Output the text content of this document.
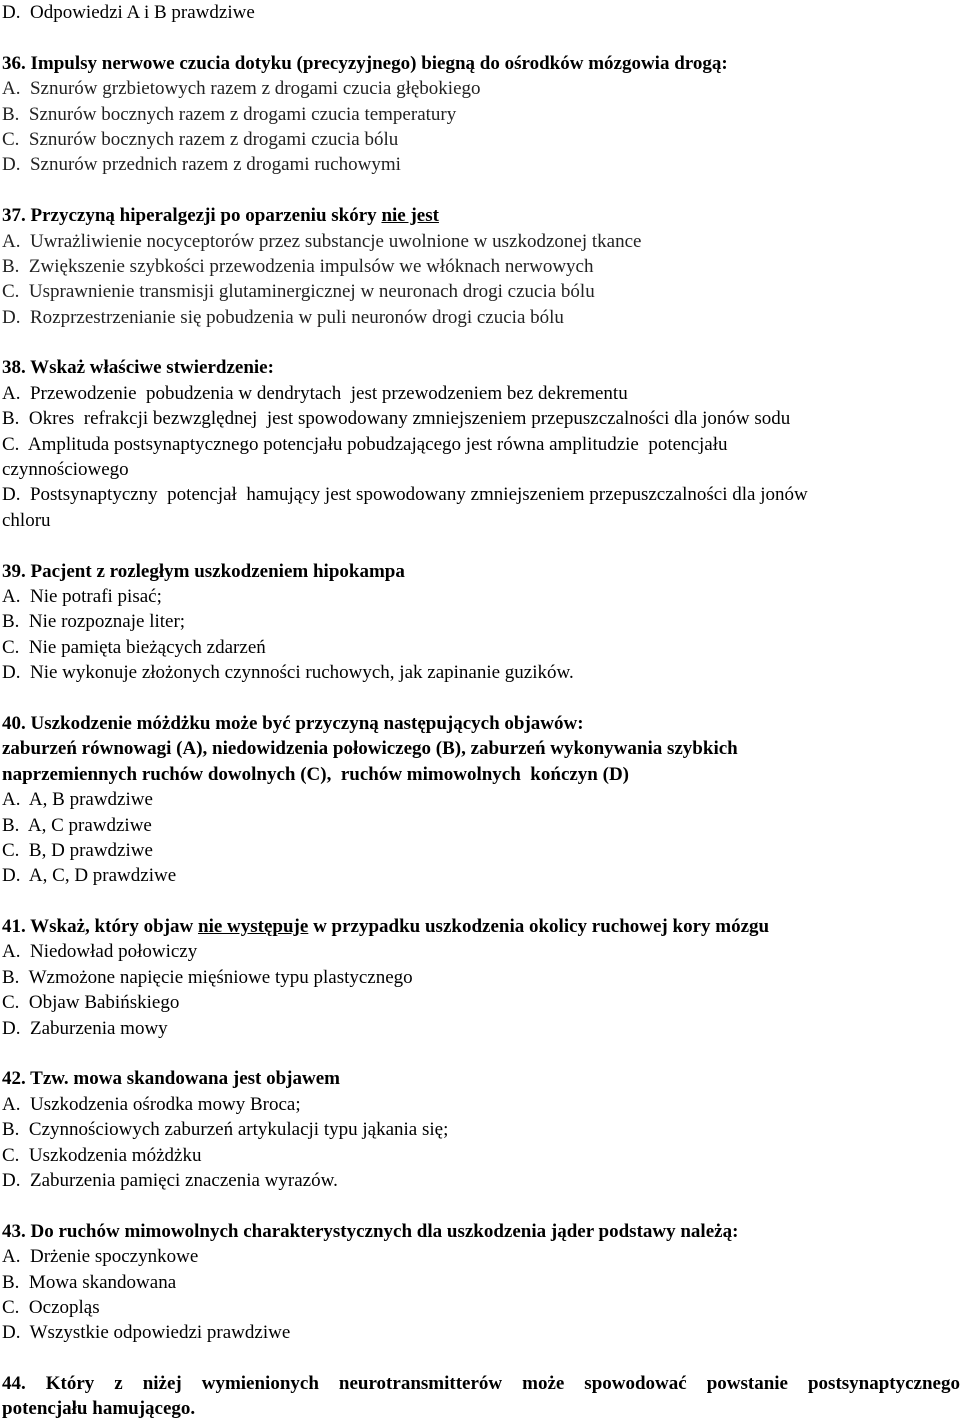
D.  Odpowiedzi A i B prawdziwe
36. Impulsy nerwowe czucia dotyku (precyzyjnego) biegną do ośrodków mózgowia drogą:
A.  Sznurów grzbietowych razem z drogami czucia głębokiego
B.  Sznurów bocznych razem z drogami czucia temperatury
C.  Sznurów bocznych razem z drogami czucia bólu
D.  Sznurów przednich razem z drogami ruchowymi
37. Przyczyną hiperalgezji po oparzeniu skóry nie jest
A.  Uwrażliwienie nocyceptorów przez substancje uwolnione w uszkodzonej tkance
B.  Zwiększenie szybkości przewodzenia impulsów we włóknach nerwowych
C.  Usprawnienie transmisji glutaminergicznej w neuronach drogi czucia bólu
D.  Rozprzestrzenianie się pobudzenia w puli neuronów drogi czucia bólu
38. Wskaż właściwe stwierdzenie:
A.  Przewodzenie  pobudzenia w dendrytach  jest przewodzeniem bez dekrementu
B.  Okres  refrakcji bezwzględnej  jest spowodowany zmniejszeniem przepuszczalności dla jonów sodu
C.  Amplituda postsynaptycznego potencjału pobudzającego jest równa amplitudzie  potencjału
czynnościowego
D.  Postsynaptyczny  potencjał  hamujący jest spowodowany zmniejszeniem przepuszczalności dla jonów
chloru
39. Pacjent z rozległym uszkodzeniem hipokampa
A.  Nie potrafi pisać;
B.  Nie rozpoznaje liter;
C.  Nie pamięta bieżących zdarzeń
D.  Nie wykonuje złożonych czynności ruchowych, jak zapinanie guzików.
40. Uszkodzenie móżdżku może być przyczyną następujących objawów:
zaburzeń równowagi (A), niedowidzenia połowiczego (B), zaburzeń wykonywania szybkich
naprzemiennych ruchów dowolnych (C),  ruchów mimowolnych  kończyn (D)
A.  A, B prawdziwe
B.  A, C prawdziwe
C.  B, D prawdziwe
D.  A, C, D prawdziwe
41. Wskaż, który objaw nie występuje w przypadku uszkodzenia okolicy ruchowej kory mózgu
A.  Niedowład połowiczy
B.  Wzmożone napięcie mięśniowe typu plastycznego
C.  Objaw Babińskiego
D.  Zaburzenia mowy
42. Tzw. mowa skandowana jest objawem
A.  Uszkodzenia ośrodka mowy Broca;
B.  Czynnościowych zaburzeń artykulacji typu jąkania się;
C.  Uszkodzenia móżdżku
D.  Zaburzenia pamięci znaczenia wyrazów.
43. Do ruchów mimowolnych charakterystycznych dla uszkodzenia jąder podstawy należą:
A.  Drżenie spoczynkowe
B.  Mowa skandowana
C.  Oczopląs
D.  Wszystkie odpowiedzi prawdziwe
44. Który z niżej wymienionych neurotransmitterów może spowodować powstanie postsynaptycznego
potencjału hamującego.
